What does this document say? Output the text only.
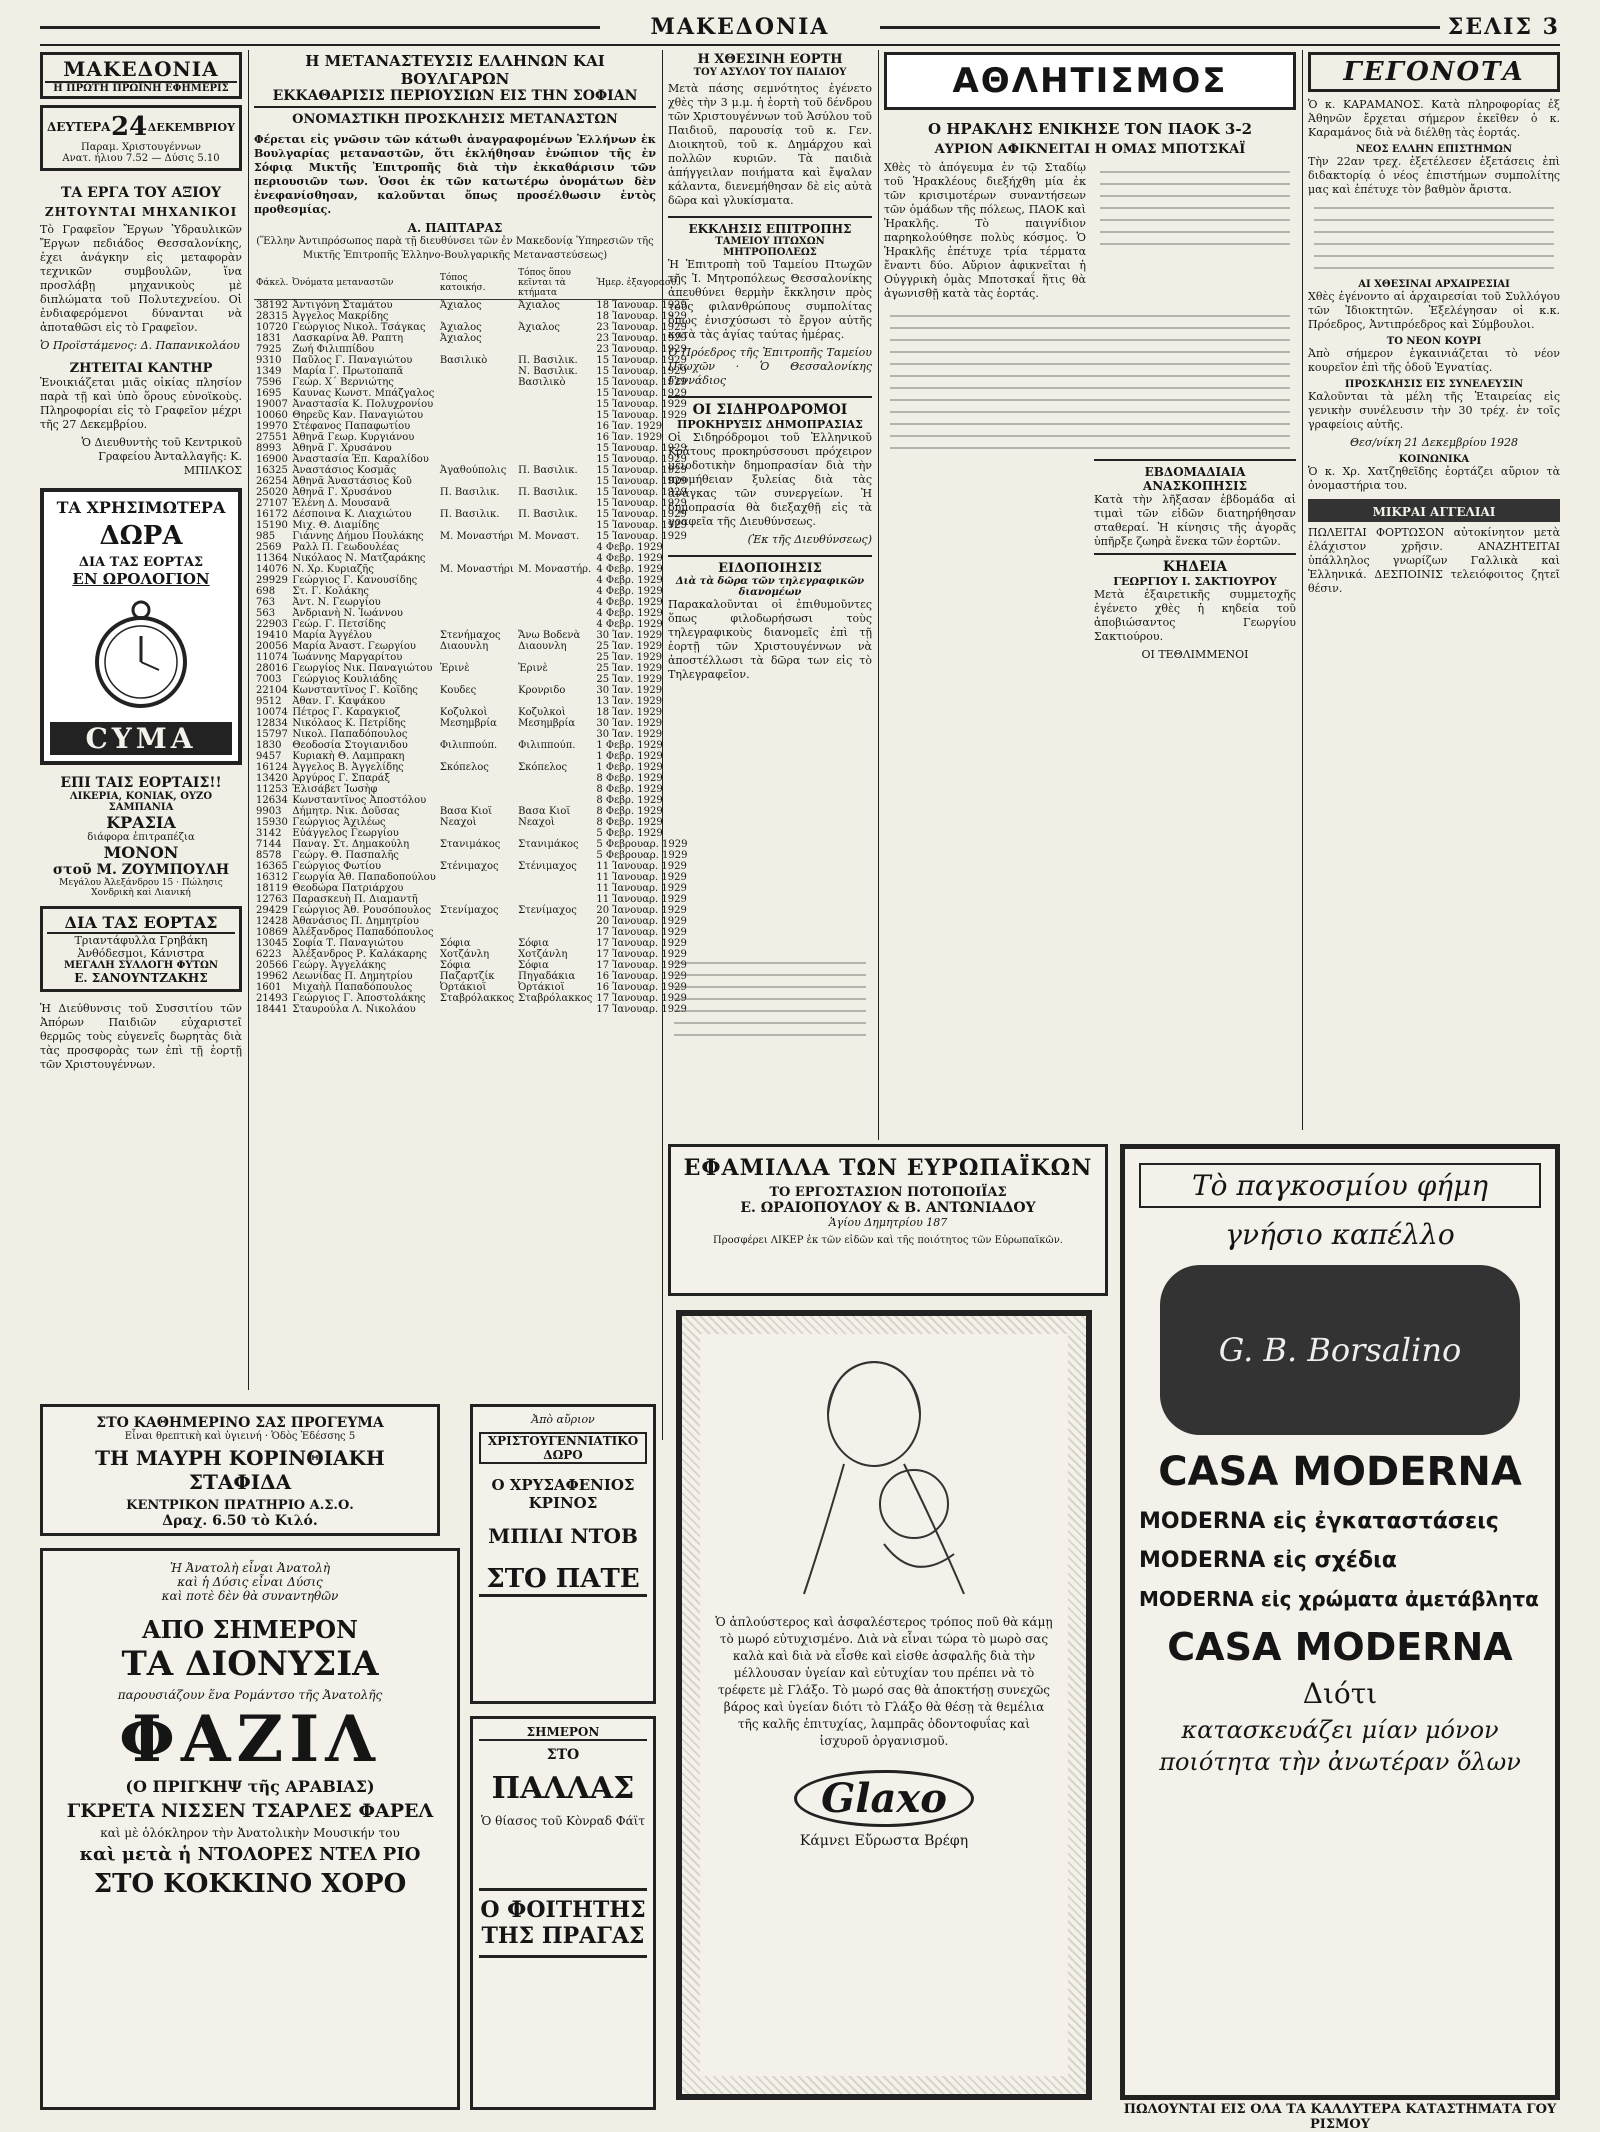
ΜΑΚΕΔΟΝΙΑ	ΣΕΛΙΣ 3
ΜΑΚΕΔΟΝΙΑ
Η ΠΡΩΤΗ ΠΡΩΪΝΗ ΕΦΗΜΕΡΙΣ
ΔΕΥΤΕΡΑ 24 ΔΕΚΕΜΒΡΙΟΥ
Παραμ. Χριστουγέννων
Ανατ. ήλιου 7.52 — Δύσις 5.10
ΤΑ ΕΡΓΑ ΤΟΥ ΑΞΙΟΥ
ΖΗΤΟΥΝΤΑΙ ΜΗΧΑΝΙΚΟΙ

Τὸ Γραφεῖον Ἔργων Ὑδραυλικῶν Ἔργων πεδιάδος Θεσσαλονίκης, ἐχει ἀνάγκην εἰς μεταφορὰν τεχνικῶν συμβουλῶν, ἵνα προσλάβῃ μηχανικοὺς μὲ διπλώματα τοῦ Πολυτεχνείου. Οἱ ἐνδιαφερόμενοι δύνανται νὰ ἀποταθῶσι εἰς τὸ Γραφεῖον.

Ὁ Προϊστάμενος: Δ. Παπανικολάου

ΖΗΤΕΙΤΑΙ ΚΑΝΤΗΡ

Ἐνοικιάζεται μιᾶς οἰκίας πλησίον παρὰ τῇ καὶ ὑπὸ ὅρους εὐνοϊκοὺς. Πληροφορίαι εἰς τὸ Γραφεῖον μέχρι τῆς 27 Δεκεμβρίου.

Ὁ Διευθυντὴς τοῦ Κεντρικοῦ Γραφείου Ἀνταλλαγῆς: Κ. ΜΠΙΛΚΟΣ

ΤΑ ΧΡΗΣΙΜΩΤΕΡΑ
ΔΩΡΑ
ΔΙΑ ΤΑΣ ΕΟΡΤΑΣ
ΕΝ ΩΡΟΛΟΓΙΟΝ
CYMA
ΕΠΙ ΤΑΙΣ ΕΟΡΤΑΙΣ!!
ΛΙΚΕΡΙΑ, ΚΟΝΙΑΚ, ΟΥΖΟ ΣΑΜΠΑΝΙΑ
ΚΡΑΣΙΑ
διάφορα ἐπιτραπέζια
ΜΟΝΟΝ
στοῦ Μ. ΖΟΥΜΠΟΥΛΗ
Μεγάλου Ἀλεξάνδρου 15 · Πώλησις Χονδρικὴ καὶ Λιανική
ΔΙΑ ΤΑΣ ΕΟΡΤΑΣ
Τριαντάφυλλα Γρηβάκη
Ἀνθόδεσμοι, Κάνιστρα
ΜΕΓΑΛΗ ΣΥΛΛΟΓΗ ΦΥΤΩΝ
Ε. ΣΑΝΟΥΝΤΖΑΚΗΣ

Ἡ Διεύθυνσις τοῦ Συσσιτίου τῶν Ἀπόρων Παιδιῶν εὐχαριστεῖ θερμῶς τοὺς εὐγενεῖς δωρητὰς διὰ τὰς προσφορὰς των ἐπὶ τῇ ἑορτῇ τῶν Χριστουγέννων.

Η ΜΕΤΑΝΑΣΤΕΥΣΙΣ ΕΛΛΗΝΩΝ ΚΑΙ ΒΟΥΛΓΑΡΩΝ
ΕΚΚΑΘΑΡΙΣΙΣ ΠΕΡΙΟΥΣΙΩΝ ΕΙΣ ΤΗΝ ΣΟΦΙΑΝ
ΟΝΟΜΑΣΤΙΚΗ ΠΡΟΣΚΛΗΣΙΣ ΜΕΤΑΝΑΣΤΩΝ

Φέρεται εἰς γνῶσιν τῶν κάτωθι ἀναγραφομένων Ἑλλήνων ἐκ Βουλγαρίας μεταναστῶν, ὅτι ἐκλήθησαν ἐνώπιον τῆς ἐν Σόφιᾳ Μικτῆς Ἐπιτροπῆς διὰ τὴν ἐκκαθάρισιν τῶν περιουσιῶν των. Ὁσοι ἐκ τῶν κατωτέρω ὀνομάτων δὲν ἐνεφανίσθησαν, καλοῦνται ὅπως προσέλθωσιν ἐντὸς προθεσμίας.

Α. ΠΑΠΤΑΡΑΣ

(Ἕλλην Ἀντιπρόσωπος παρὰ τῇ διευθύνσει τῶν ἐν Μακεδονίᾳ Ὑπηρεσιῶν τῆς Μικτῆς Ἐπιτροπῆς Ἑλληνο-Βουλγαρικῆς Μεταναστεύσεως)

Φάκελ.	Ὀνόματα μεταναστῶν	Τόπος κατοικήσ.	Τόπος ὅπου κεῖνται τὰ κτήματα	Ἡμερ. ἐξαγορασθ.
38192	Ἀντιγόνη Σταμάτου	Ἀχιαλος	Ἀχιαλος	18 Ἰανουαρ. 1929
28315	Ἀγγελος Μακρίδης			18 Ἰανουαρ. 1929
10720	Γεώργιος Νικολ. Τσάγκας	Ἀχιαλος	Ἀχιαλος	23 Ἰανουαρ. 1929
1831	Λασκαρίνα Ἀθ. Ραπτη	Ἀχιαλος		23 Ἰανουαρ. 1929
7925	Ζωή Φιλιππίδου			23 Ἰανουαρ. 1929
9310	Παῦλος Γ. Παναγιώτου	Βασιλικὸ	Π. Βασιλικ.	15 Ἰανουαρ. 1929
1349	Μαρία Γ. Πρωτοπαπᾶ		Ν. Βασιλικ.	15 Ἰανουαρ. 1929
7596	Γεώρ. Χ΄ Βερνιώτης		Βασιλικὸ	15 Ἰανουαρ. 1929
1695	Καυνας Κωνστ. Μπάζγαλος			15 Ἰανουαρ. 1929
19007	Ἀναστασία Κ. Πολυχρονίου			15 Ἰανουαρ. 1929
10060	Θηρεῦς Καν. Παναγιώτου			15 Ἰανουαρ. 1929
19970	Στέφανος Παπαφωτίου			16 Ἰαν. 1929
27551	Ἀθηνᾶ Γεωρ. Κυργιάνου			16 Ἰαν. 1929
8993	Ἀθηνᾶ Γ. Χρυσάνου			15 Ἰανουαρ. 1929
16900	Ἀναστασία Ἐπ. Καραλίδου			15 Ἰανουαρ. 1929
16325	Ἀναστάσιος Κοσμᾶς	Ἀγαθούπολις	Π. Βασιλικ.	15 Ἰανουαρ. 1929
26254	Ἀθηνᾶ Ἀναστάσιος Κοῦ			15 Ἰανουαρ. 1929
25020	Ἀθηνᾶ Γ. Χρυσάνου	Π. Βασιλικ.	Π. Βασιλικ.	15 Ἰανουαρ. 1929
27107	Ἑλένη Δ. Μουσανᾶ			15 Ἰανουαρ. 1929
16172	Δέσποινα Κ. Λιαχιώτου	Π. Βασιλικ.	Π. Βασιλικ.	15 Ἰανουαρ. 1929
15190	Μιχ. Θ. Διαμίδης			15 Ἰανουαρ. 1929
985	Γιάννης Δήμου Πουλάκης	Μ. Μοναστήρι	Μ. Μοναστ.	15 Ἰανουαρ. 1929
2569	Ραλλ Π. Γεωδουλέας			4 Φεβρ. 1929
11364	Νικόλαος Ν. Ματζαράκης			4 Φεβρ. 1929
14076	Ν. Χρ. Κυριαζῆς	Μ. Μοναστήρι	Μ. Μοναστήρ.	4 Φεβρ. 1929
29929	Γεώργιος Γ. Κανουσίδης			4 Φεβρ. 1929
698	Στ. Γ. Κολάκης			4 Φεβρ. 1929
763	Ἀντ. Ν. Γεωργίου			4 Φεβρ. 1929
563	Ἀνδριανὴ Ν. Ἰωάννου			4 Φεβρ. 1929
22903	Γεώρ. Γ. Πετσίδης			4 Φεβρ. 1929
19410	Μαρία Ἀγγέλου	Στενήμαχος	Ἄνω Βοδενὰ	30 Ἰαν. 1929
20056	Μαρία Ἀναστ. Γεωργίου	Διαουνλη	Διαουνλη	25 Ἰαν. 1929
11074	Ἰωάννης Μαργαρίτου			25 Ἰαν. 1929
28016	Γεωργίος Νικ. Παναγιώτου	Ἐρινὲ	Ἐρινὲ	25 Ἰαν. 1929
7003	Γεώργιος Κουλιάδης			25 Ἰαν. 1929
22104	Κωνσταντῖνος Γ. Κοῖδης	Κουδες	Κρονριδο	30 Ἰαν. 1929
9512	Ἀθαν. Γ. Καψάκου			13 Ἰαν. 1929
10074	Πέτρος Γ. Καραγκιοζ	Κοζυλκοὶ	Κοζυλκοὶ	18 Ἰαν. 1929
12834	Νικόλαος Κ. Πετρίδης	Μεσημβρία	Μεσημβρία	30 Ἰαν. 1929
15797	Νικολ. Παπαδόπουλος			30 Ἰαν. 1929
1830	Θεοδοσία Στογιανιδου	Φιλιππούπ.	Φιλιππούπ.	1 Φεβρ. 1929
9457	Κυριακὴ Θ. Λαμπρακη			1 Φεβρ. 1929
16124	Ἀγγελος Β. Ἀγγελίδης	Σκόπελος	Σκόπελος	1 Φεβρ. 1929
13420	Ἀργύρος Γ. Σπαράξ			8 Φεβρ. 1929
11253	Ἑλισάβετ Ἰωσὴφ			8 Φεβρ. 1929
12634	Κωνσταντῖνος Ἀποστόλου			8 Φεβρ. 1929
9903	Δήμητρ. Νικ. Δοῦσας	Βασα Κιοϊ	Βασα Κιοϊ	8 Φεβρ. 1929
15930	Γεώργιος Ἀχιλέως	Νεαχοὶ	Νεαχοὶ	8 Φεβρ. 1929
3142	Εὐάγγελος Γεωργίου			5 Φεβρ. 1929
7144	Παναγ. Στ. Δημακούλη	Στανιμάκος	Στανιμάκος	5 Φεβρουαρ. 1929
8578	Γεώργ. Θ. Πασπαλῆς			5 Φεβρουαρ. 1929
16365	Γεώργιος Φωτίου	Στένιμαχος	Στένιμαχος	11 Ἰανουαρ. 1929
16312	Γεωργία Ἀθ. Παπαδοπούλου			11 Ἰανουαρ. 1929
18119	Θεοδώρα Πατριάρχου			11 Ἰανουαρ. 1929
12763	Παρασκευὴ Π. Διαμαντῆ			11 Ἰανουαρ. 1929
29429	Γεώργιος Ἀθ. Ρουσόπουλος	Στενίμαχος	Στενίμαχος	20 Ἰανουαρ. 1929
12428	Ἀθανάσιος Π. Δημητρίου			20 Ἰανουαρ. 1929
10869	Ἀλέξανδρος Παπαδόπουλος			17 Ἰανουαρ. 1929
13045	Σοφία Τ. Παναγιώτου	Σόφια	Σόφια	17 Ἰανουαρ. 1929
6223	Ἀλέξανδρος Ρ. Καλάκαρης	Χοτζάνλη	Χοτζάνλη	17 Ἰανουαρ. 1929
20566	Γεώργ. Ἀγγελάκης	Σόφια	Σόφια	17 Ἰανουαρ. 1929
19962	Λεωνίδας Π. Δημητρίου	Παζαρτζίκ	Πηγαδάκια	16 Ἰανουαρ. 1929
1601	Μιχαὴλ Παπαδόπουλος	Ὀρτάκιοϊ	Ὀρτάκιοϊ	16 Ἰανουαρ. 1929
21493	Γεώργιος Γ. Ἀποστολάκης	Σταβρόλακκος	Σταβρόλακκος	17 Ἰανουαρ. 1929
18441	Σταυρούλα Λ. Νικολάου			17 Ἰανουαρ. 1929
Η ΧΘΕΣΙΝΗ ΕΟΡΤΗ
ΤΟΥ ΑΣΥΛΟΥ ΤΟΥ ΠΑΙΔΙΟΥ

Μετὰ πάσης σεμνότητος ἐγένετο χθὲς τὴν 3 μ.μ. ἡ ἑορτὴ τοῦ δένδρου τῶν Χριστουγέννων τοῦ Ἀσύλου τοῦ Παιδιοῦ, παρουσίᾳ τοῦ κ. Γεν. Διοικητοῦ, τοῦ κ. Δημάρχου καὶ πολλῶν κυριῶν. Τὰ παιδιὰ ἀπήγγειλαν ποιήματα καὶ ἔψαλαν κάλαντα, διενεμήθησαν δὲ εἰς αὐτὰ δῶρα καὶ γλυκίσματα.

ΕΚΚΛΗΣΙΣ ΕΠΙΤΡΟΠΗΣ
ΤΑΜΕΙΟΥ ΠΤΩΧΩΝ ΜΗΤΡΟΠΟΛΕΩΣ

Ἡ Ἐπιτροπὴ τοῦ Ταμείου Πτωχῶν τῆς Ἱ. Μητροπόλεως Θεσσαλονίκης ἀπευθύνει θερμὴν ἔκκλησιν πρὸς τοὺς φιλανθρώπους συμπολίτας ὅπως ἐνισχύσωσι τὸ ἔργον αὐτῆς κατὰ τὰς ἁγίας ταύτας ἡμέρας.

Ὁ Πρόεδρος τῆς Ἐπιτροπῆς Ταμείου Πτωχῶν · Ὁ Θεσσαλονίκης Γεννάδιος

ΟΙ ΣΙΔΗΡΟΔΡΟΜΟΙ
ΠΡΟΚΗΡΥΞΙΣ ΔΗΜΟΠΡΑΣΙΑΣ

Οἱ Σιδηρόδρομοι τοῦ Ἑλληνικοῦ Κράτους προκηρύσσουσι πρόχειρον μειοδοτικὴν δημοπρασίαν διὰ τὴν προμήθειαν ξυλείας διὰ τὰς ἀνάγκας τῶν συνεργείων. Ἡ δημοπρασία θὰ διεξαχθῇ εἰς τὰ γραφεῖα τῆς Διευθύνσεως.

(Ἐκ τῆς Διευθύνσεως)

ΕΙΔΟΠΟΙΗΣΙΣ
Διὰ τὰ δῶρα τῶν τηλεγραφικῶν διανομέων

Παρακαλοῦνται οἱ ἐπιθυμοῦντες ὅπως φιλοδωρήσωσι τοὺς τηλεγραφικοὺς διανομεῖς ἐπὶ τῇ ἑορτῇ τῶν Χριστουγέννων νὰ ἀποστέλλωσι τὰ δῶρα των εἰς τὸ Τηλεγραφεῖον.

ΑΘΛΗΤΙΣΜΟΣ
Ο ΗΡΑΚΛΗΣ ΕΝΙΚΗΣΕ ΤΟΝ ΠΑΟΚ 3-2
ΑΥΡΙΟΝ ΑΦΙΚΝΕΙΤΑΙ Η ΟΜΑΣ ΜΠΟΤΣΚΑΪ

Χθὲς τὸ ἀπόγευμα ἐν τῷ Σταδίῳ τοῦ Ἡρακλέους διεξήχθη μία ἐκ τῶν κρισιμοτέρων συναντήσεων τῶν ὁμάδων τῆς πόλεως, ΠΑΟΚ καὶ Ἡρακλῆς. Τὸ παιγνίδιον παρηκολούθησε πολὺς κόσμος. Ὁ Ἡρακλῆς ἐπέτυχε τρία τέρματα ἔναντι δύο. Αὔριον ἀφικνεῖται ἡ Οὐγγρικὴ ὁμὰς Μποτσκαΐ ἥτις θὰ ἀγωνισθῇ κατὰ τὰς ἑορτάς.

ΕΒΔΟΜΑΔΙΑΙΑ ΑΝΑΣΚΟΠΗΣΙΣ

Κατὰ τὴν λῆξασαν ἑβδομάδα αἱ τιμαὶ τῶν εἰδῶν διατηρήθησαν σταθεραί. Ἡ κίνησις τῆς ἀγορᾶς ὑπῆρξε ζωηρὰ ἕνεκα τῶν ἑορτῶν.

ΚΗΔΕΙΑ
ΓΕΩΡΓΙΟΥ Ι. ΣΑΚΤΙΟΥΡΟΥ

Μετὰ ἐξαιρετικῆς συμμετοχῆς ἐγένετο χθὲς ἡ κηδεία τοῦ ἀποβιώσαντος Γεωργίου Σακτιούρου.

ΟΙ ΤΕΘΛΙΜΜΕΝΟΙ

ΕΦΑΜΙΛΛΑ ΤΩΝ ΕΥΡΩΠΑΪΚΩΝ
ΤΟ ΕΡΓΟΣΤΑΣΙΟΝ ΠΟΤΟΠΟΙΪΑΣ
Ε. ΩΡΑΙΟΠΟΥΛΟΥ & Β. ΑΝΤΩΝΙΑΔΟΥ
Ἁγίου Δημητρίου 187
Προσφέρει ΛΙΚΕΡ ἐκ τῶν εἰδῶν καὶ τῆς ποιότητος τῶν Εὐρωπαϊκῶν.

Ὁ ἁπλούστερος καὶ ἀσφαλέστερος τρόπος ποῦ θὰ κάμῃ τὸ μωρό εὐτυχισμένο. Διὰ νὰ εἶναι τώρα τὸ μωρὸ σας καλὰ καὶ διὰ νὰ εἶσθε καὶ εἰσθε ἀσφαλῆς διὰ τὴν μέλλουσαν ὑγείαν καὶ εὐτυχίαν του πρέπει νὰ τὸ τρέφετε μὲ Γλάξο. Τὸ μωρό σας θὰ ἀποκτήσῃ συνεχῶς βάρος καὶ ὑγείαν διότι τὸ Γλάξο θὰ θέσῃ τὰ θεμέλια τῆς καλῆς ἐπιτυχίας, λαμπρᾶς ὀδοντοφυΐας καὶ ἰσχυροῦ ὀργανισμοῦ.

Glaxo
Κάμνει Εὔρωστα Βρέφη
ΓΕΓΟΝΟΤΑ

Ὁ κ. ΚΑΡΑΜΑΝΟΣ. Κατὰ πληροφορίας ἐξ Ἀθηνῶν ἔρχεται σήμερον ἐκεῖθεν ὁ κ. Καραμάνος διὰ νὰ διέλθῃ τὰς ἑορτάς.

ΝΕΟΣ ΕΛΛΗΝ ΕΠΙΣΤΗΜΩΝ

Τὴν 22αν τρεχ. ἐξετέλεσεν ἐξετάσεις ἐπὶ διδακτορίᾳ ὁ νέος ἐπιστήμων συμπολίτης μας καὶ ἐπέτυχε τὸν βαθμὸν ἄριστα.

ΑΙ ΧΘΕΣΙΝΑΙ ΑΡΧΑΙΡΕΣΙΑΙ

Χθὲς ἐγένοντο αἱ ἀρχαιρεσίαι τοῦ Συλλόγου τῶν Ἰδιοκτητῶν. Ἐξελέγησαν οἱ κ.κ. Πρόεδρος, Ἀντιπρόεδρος καὶ Σύμβουλοι.

ΤΟ ΝΕΟΝ ΚΟΥΡΙ

Ἀπὸ σήμερον ἐγκαινιάζεται τὸ νέον κουρεῖον ἐπὶ τῆς ὁδοῦ Ἐγνατίας.

ΠΡΟΣΚΛΗΣΙΣ ΕΙΣ ΣΥΝΕΛΕΥΣΙΝ

Καλοῦνται τὰ μέλη τῆς Ἑταιρείας εἰς γενικὴν συνέλευσιν τὴν 30 τρέχ. ἐν τοῖς γραφείοις αὐτῆς.

Θεσ/νίκη 21 Δεκεμβρίου 1928

ΚΟΙΝΩΝΙΚΑ

Ὁ κ. Χρ. Χατζηθεῖδης ἑορτάζει αὔριον τὰ ὀνομαστήρια του.

ΜΙΚΡΑΙ ΑΓΓΕΛΙΑΙ

ΠΩΛΕΙΤΑΙ ΦΟΡΤΩΣΟΝ αὐτοκίνητον μετὰ ἐλάχιστον χρῆσιν. ΑΝΑΖΗΤΕΙΤΑΙ ὑπάλληλος γνωρίζων Γαλλικὰ καὶ Ἑλληνικά. ΔΕΣΠΟΙΝΙΣ τελειόφοιτος ζητεῖ θέσιν.

Τὸ παγκοσμίου φήμη
γνήσιο καπέλλο
G. B. Borsalino
CASA MODERNA
MODERNA εἰς ἐγκαταστάσεις
MODERNA εἰς σχέδια
MODERNA εἰς χρώματα ἀμετάβλητα
CASA MODERNA
Διότι
κατασκευάζει μίαν μόνον
ποιότητα τὴν ἀνωτέραν ὅλων
ΠΩΛΟΥΝΤΑΙ ΕΙΣ ΟΛΑ ΤΑ ΚΑΛΛΥΤΕΡΑ ΚΑΤΑΣΤΗΜΑΤΑ ΓΟΥ ΡΙΣΜΟΥ
ΣΤΟ ΚΑΘΗΜΕΡΙΝΟ ΣΑΣ ΠΡΟΓΕΥΜΑ
Εἶναι θρεπτικὴ καὶ ὑγιεινή · Ὁδὸς Ἐδέσσης 5
ΤΗ ΜΑΥΡΗ ΚΟΡΙΝΘΙΑΚΗ ΣΤΑΦΙΔΑ
ΚΕΝΤΡΙΚΟΝ ΠΡΑΤΗΡΙΟ Α.Σ.Ο.
Δραχ. 6.50 τὸ Κιλό.
Ἡ Ἀνατολὴ εἶναι Ἀνατολὴ
καὶ ἡ Δύσις εἶναι Δύσις
καὶ ποτὲ δὲν θὰ συναντηθῶν
ΑΠΟ ΣΗΜΕΡΟΝ
ΤΑ ΔΙΟΝΥΣΙΑ
παρουσιάζουν ἕνα Ρομάντσο τῆς Ἀνατολῆς
ΦΑΖΙΛ
(Ο ΠΡΙΓΚΗΨ τῆς ΑΡΑΒΙΑΣ)
ΓΚΡΕΤΑ ΝΙΣΣΕΝ ΤΣΑΡΛΕΣ ΦΑΡΕΛ
καὶ μὲ ὁλόκληρον τὴν Ἀνατολικὴν Μουσικήν του
καὶ μετὰ ἡ ΝΤΟΛΟΡΕΣ ΝΤΕΛ ΡΙΟ
ΣΤΟ ΚΟΚΚΙΝΟ ΧΟΡΟ
Ἀπὸ αὔριον
ΧΡΙΣΤΟΥΓΕΝΝΙΑΤΙΚΟ ΔΩΡΟ
Ο ΧΡΥΣΑΦΕΝΙΟΣ ΚΡΙΝΟΣ
ΜΠΙΛΙ ΝΤΟΒ
ΣΤΟ ΠΑΤΕ
ΣΗΜΕΡΟΝ
ΣΤΟ
ΠΑΛΛΑΣ
Ὁ θίασος τοῦ Κὸνραδ Φάϊτ
Ο ΦΟΙΤΗΤΗΣ ΤΗΣ ΠΡΑΓΑΣ
